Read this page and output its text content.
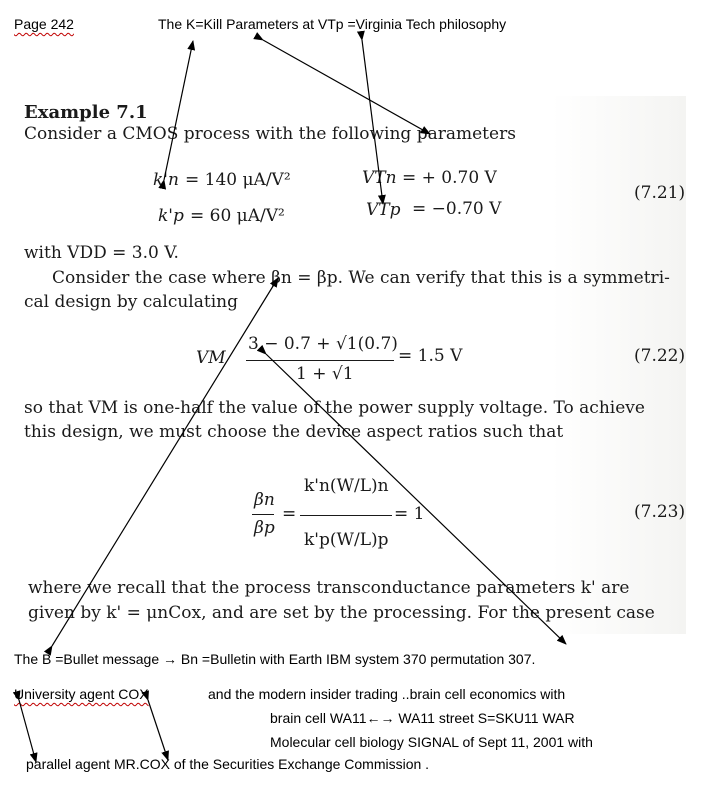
Page 242	The K=Kill Parameters at VTp =Virginia Tech philosophy
Example 7.1
Consider a CMOS process with the following parameters
k'n = 140 μA/V²
k'p = 60 μA/V²
VTn = + 0.70 V
VTp = −0.70 V
(7.21)
with VDD = 3.0 V.
Consider the case where βn = βp. We can verify that this is a symmetri-
cal design by calculating
VM
3 − 0.7 + √1(0.7)
1 + √1
= 1.5 V	(7.22)
so that VM is one-half the value of the power supply voltage. To achieve
this design, we must choose the device aspect ratios such that
βn
βp
=
k'n(W/L)n
k'p(W/L)p
= 1	(7.23)
where we recall that the process transconductance parameters k' are
given by k' = μnCox, and are set by the processing. For the present case
The B =Bullet message → Bn =Bulletin with Earth IBM system 370 permutation 307.
University agent COX	and the modern insider trading ..brain cell economics with
brain cell WA11←→ WA11 street S=SKU11 WAR
Molecular cell biology SIGNAL of Sept 11, 2001 with
parallel agent MR.COX of the Securities Exchange Commission .
